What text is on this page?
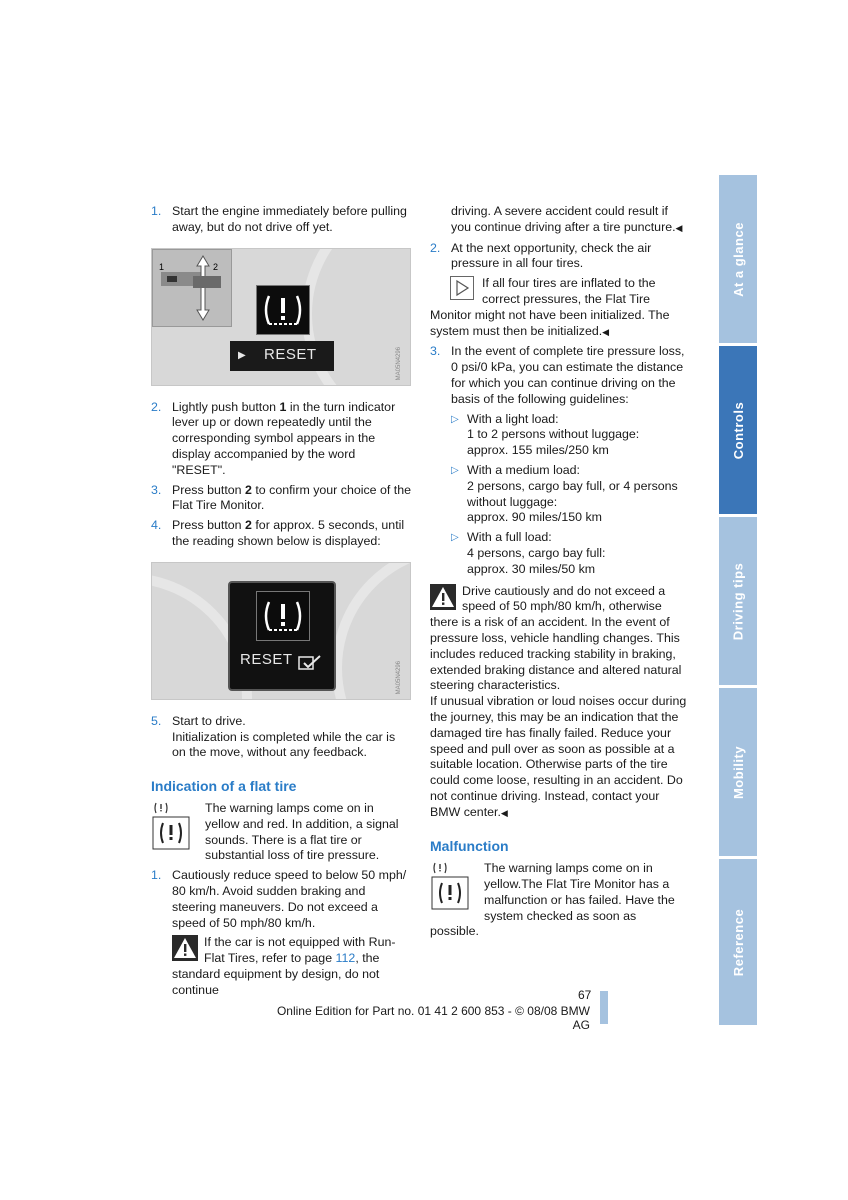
1. Start the engine immediately before pulling away, but do not drive off yet.
1	2
▶ RESET	MA05N4296
2. Lightly push button 1 in the turn indicator lever up or down repeatedly until the corresponding symbol appears in the display accompanied by the word "RESET".
3. Press button 2 to confirm your choice of the Flat Tire Monitor.
4. Press button 2 for approx. 5 seconds, until the reading shown below is displayed:
RESET
MA05N4296
5. Start to drive.
Initialization is completed while the car is on the move, without any feedback.
Indication of a flat tire
The warning lamps come on in yellow and red. In addition, a signal sounds. There is a flat tire or substantial loss of tire pressure.
1. Cautiously reduce speed to below 50 mph/ 80 km/h. Avoid sudden braking and steering maneuvers. Do not exceed a speed of 50 mph/80 km/h.
If the car is not equipped with Run-Flat Tires, refer to page 112, the standard equipment by design, do not continue
driving. A severe accident could result if you continue driving after a tire puncture.◀
2. At the next opportunity, check the air pressure in all four tires.
If all four tires are inflated to the correct pressures, the Flat Tire Monitor might not have been initialized. The system must then be initialized.◀
3. In the event of complete tire pressure loss, 0 psi/0 kPa, you can estimate the distance for which you can continue driving on the basis of the following guidelines:
▷ With a light load:
1 to 2 persons without luggage:
approx. 155 miles/250 km
▷ With a medium load:
2 persons, cargo bay full, or 4 persons without luggage:
approx. 90 miles/150 km
▷ With a full load:
4 persons, cargo bay full:
approx. 30 miles/50 km
Drive cautiously and do not exceed a speed of 50 mph/80 km/h, otherwise there is a risk of an accident. In the event of pressure loss, vehicle handling changes. This includes reduced tracking stability in braking, extended braking distance and altered natural steering characteristics.
If unusual vibration or loud noises occur during the journey, this may be an indication that the damaged tire has finally failed. Reduce your speed and pull over as soon as possible at a suitable location. Otherwise parts of the tire could come loose, resulting in an accident. Do not continue driving. Instead, contact your BMW center.◀
Malfunction
The warning lamps come on in yellow.The Flat Tire Monitor has a malfunction or has failed. Have the system checked as soon as possible.
At a glance
Controls
Driving tips
Mobility
Reference
67
Online Edition for Part no. 01 41 2 600 853 - © 08/08 BMW AG
